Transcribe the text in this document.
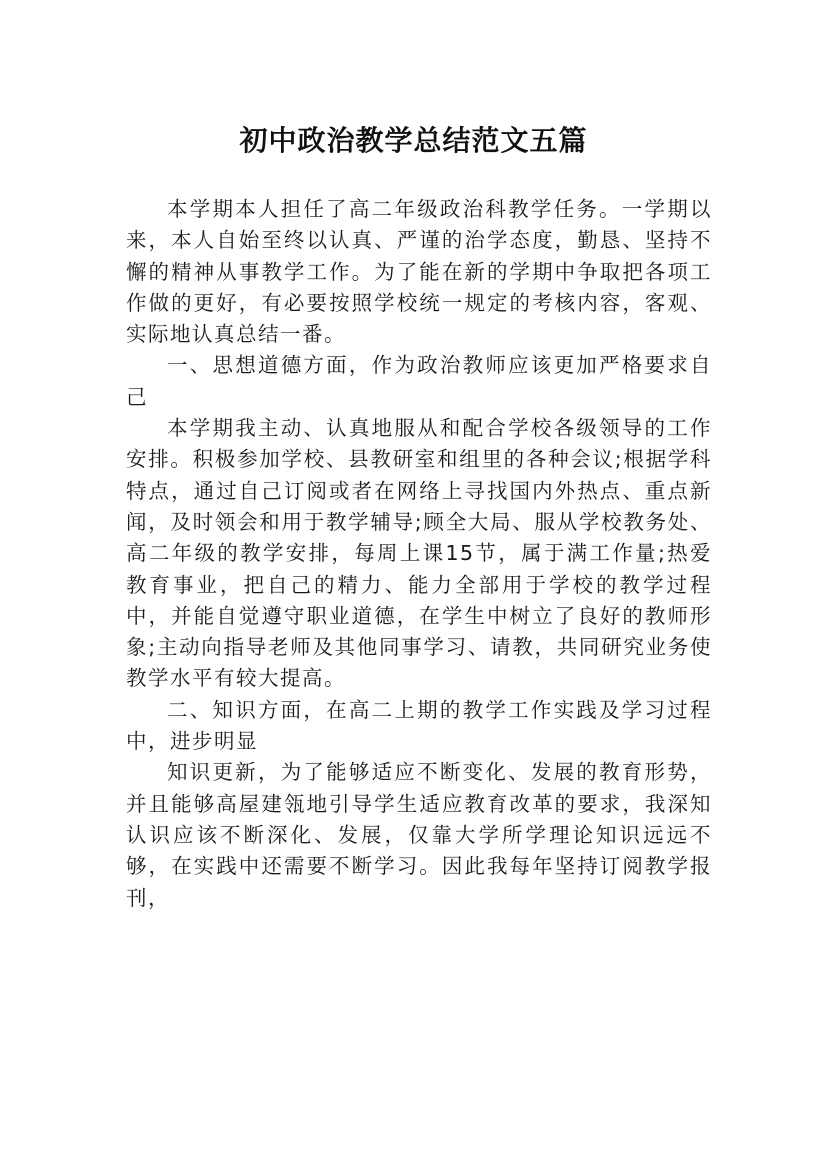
初中政治教学总结范文五篇

本学期本人担任了高二年级政治科教学任务。一学期以来，本人自始至终以认真、严谨的治学态度，勤恳、坚持不懈的精神从事教学工作。为了能在新的学期中争取把各项工作做的更好，有必要按照学校统一规定的考核内容，客观、实际地认真总结一番。

一、思想道德方面，作为政治教师应该更加严格要求自己

本学期我主动、认真地服从和配合学校各级领导的工作安排。积极参加学校、县教研室和组里的各种会议;根据学科特点，通过自己订阅或者在网络上寻找国内外热点、重点新闻，及时领会和用于教学辅导;顾全大局、服从学校教务处、高二年级的教学安排，每周上课15节，属于满工作量;热爱教育事业，把自己的精力、能力全部用于学校的教学过程中，并能自觉遵守职业道德，在学生中树立了良好的教师形象;主动向指导老师及其他同事学习、请教，共同研究业务使教学水平有较大提高。

二、知识方面，在高二上期的教学工作实践及学习过程中，进步明显

知识更新，为了能够适应不断变化、发展的教育形势，并且能够高屋建瓴地引导学生适应教育改革的要求，我深知认识应该不断深化、发展，仅靠大学所学理论知识远远不够，在实践中还需要不断学习。因此我每年坚持订阅教学报刊，
